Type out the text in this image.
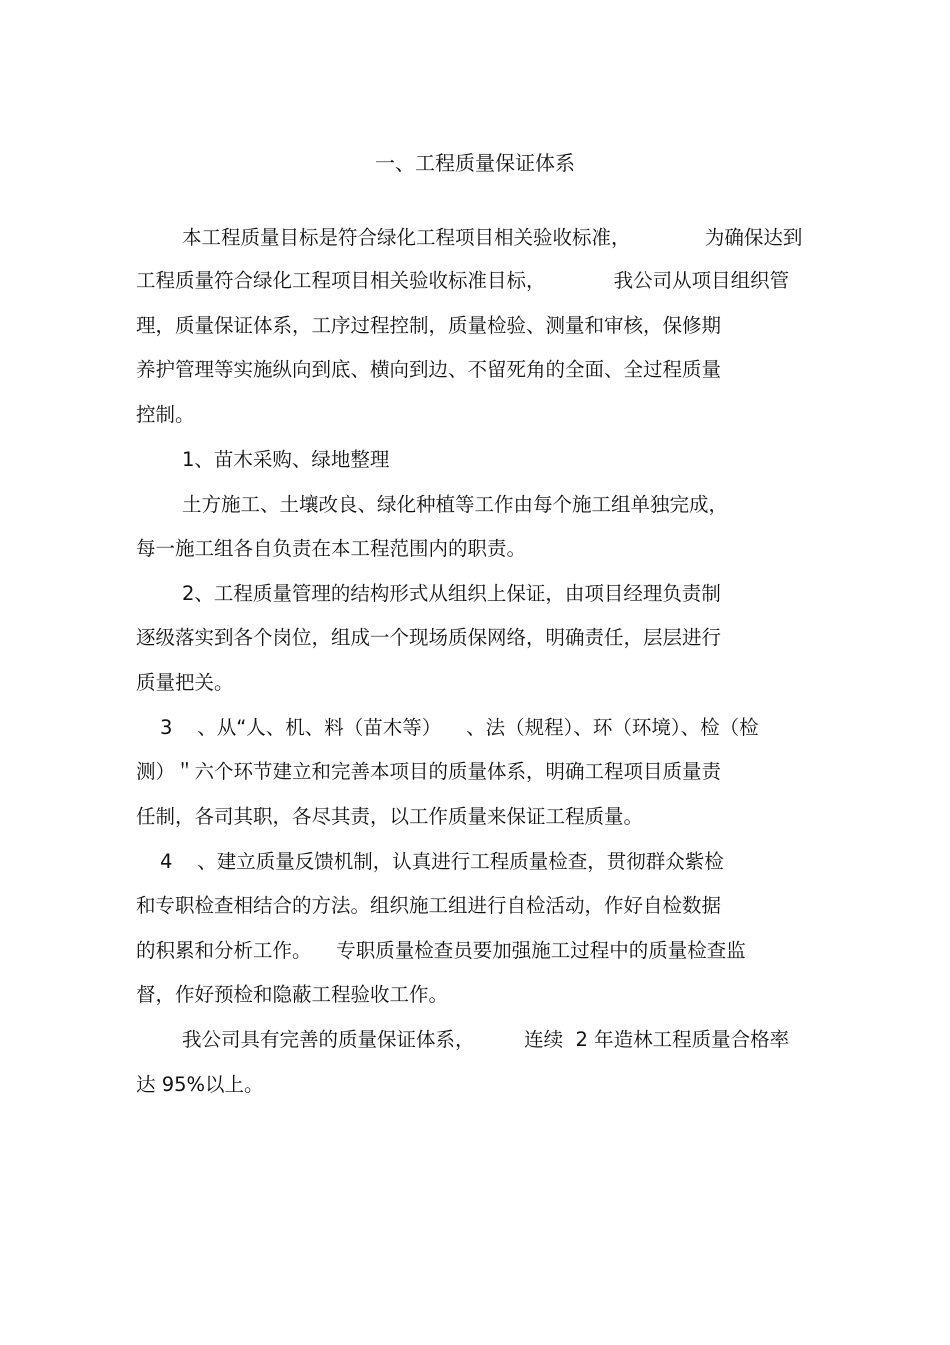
一、工程质量保证体系
本工程质量目标是符合绿化工程项目相关验收标准，            为确保达到
工程质量符合绿化工程项目相关验收标准目标，           我公司从项目组织管
理，质量保证体系，工序过程控制，质量检验、测量和审核，保修期
养护管理等实施纵向到底、横向到边、不留死角的全面、全过程质量
控制。
1、苗木采购、绿地整理
土方施工、土壤改良、绿化种植等工作由每个施工组单独完成，
每一施工组各自负责在本工程范围内的职责。
2、工程质量管理的结构形式从组织上保证，由项目经理负责制
逐级落实到各个岗位，组成一个现场质保网络，明确责任，层层进行
质量把关。
3    、从“人、机、料（苗木等）    、法（规程）、环（环境）、检（检
测）＂六个环节建立和完善本项目的质量体系，明确工程项目质量责
任制，各司其职，各尽其责，以工作质量来保证工程质量。
4    、建立质量反馈机制，认真进行工程质量检查，贯彻群众紫检
和专职检查相结合的方法。组织施工组进行自检活动，作好自检数据
的积累和分析工作。    专职质量检查员要加强施工过程中的质量检查监
督，作好预检和隐蔽工程验收工作。
我公司具有完善的质量保证体系，        连续  2 年造林工程质量合格率
达 95%以上。
